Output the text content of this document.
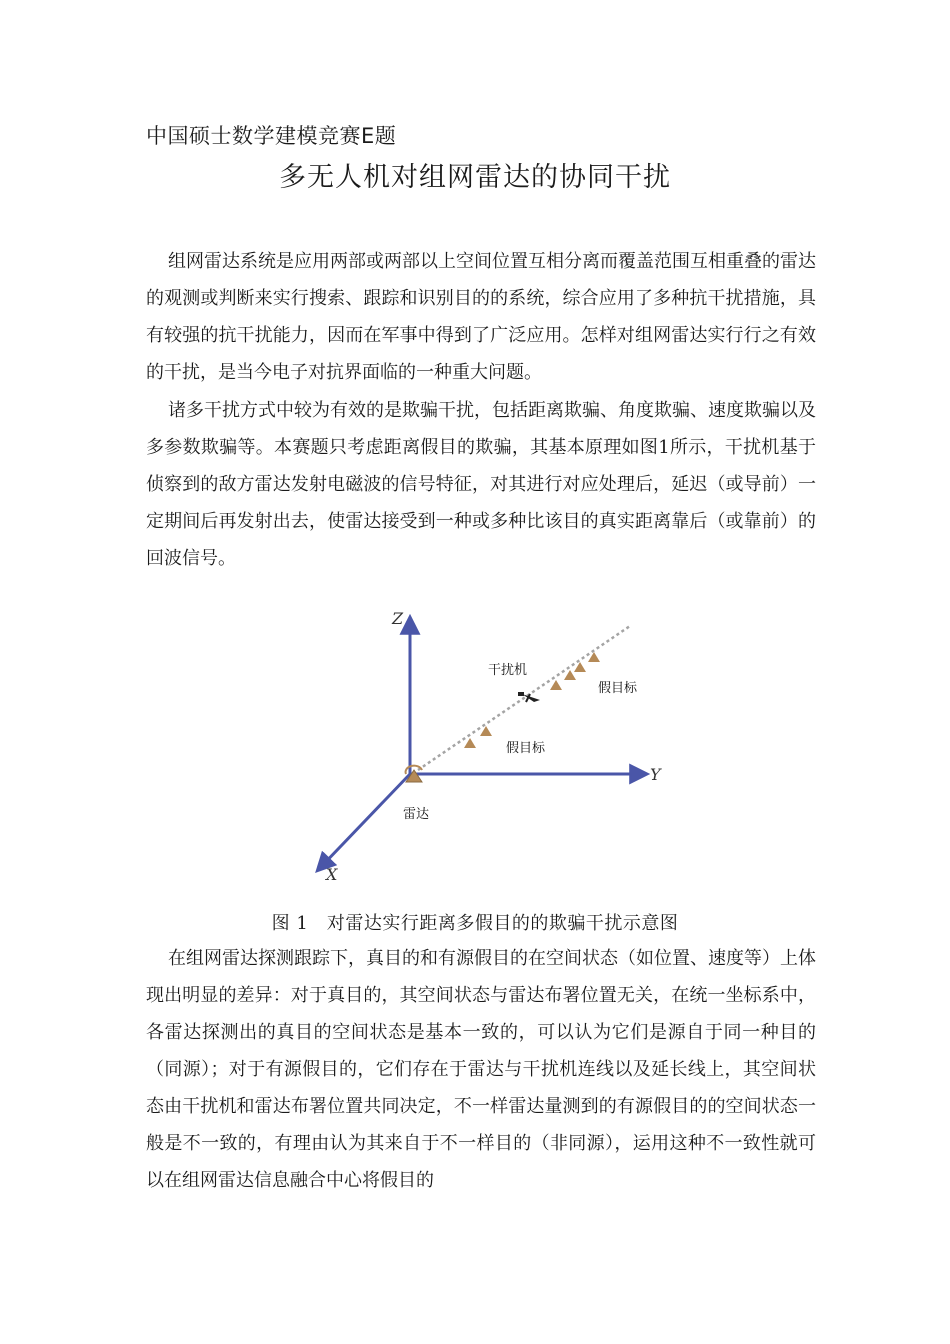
中国硕士数学建模竞赛E题
多无人机对组网雷达的协同干扰

组网雷达系统是应用两部或两部以上空间位置互相分离而覆盖范围互相重叠的雷达的观测或判断来实行搜索、跟踪和识别目的的系统，综合应用了多种抗干扰措施，具有较强的抗干扰能力，因而在军事中得到了广泛应用。怎样对组网雷达实行行之有效的干扰，是当今电子对抗界面临的一种重大问题。

诸多干扰方式中较为有效的是欺骗干扰，包括距离欺骗、角度欺骗、速度欺骗以及多参数欺骗等。本赛题只考虑距离假目的欺骗，其基本原理如图1所示，干扰机基于侦察到的敌方雷达发射电磁波的信号特征，对其进行对应处理后，延迟（或导前）一定期间后再发射出去，使雷达接受到一种或多种比该目的真实距离靠后（或靠前）的回波信号。

Z
Y
X
雷达
假目标
干扰机
假目标
图 1　对雷达实行距离多假目的的欺骗干扰示意图

在组网雷达探测跟踪下，真目的和有源假目的在空间状态（如位置、速度等）上体现出明显的差异：对于真目的，其空间状态与雷达布署位置无关，在统一坐标系中，各雷达探测出的真目的空间状态是基本一致的，可以认为它们是源自于同一种目的（同源）；对于有源假目的，它们存在于雷达与干扰机连线以及延长线上，其空间状态由干扰机和雷达布署位置共同决定，不一样雷达量测到的有源假目的的空间状态一般是不一致的，有理由认为其来自于不一样目的（非同源），运用这种不一致性就可以在组网雷达信息融合中心将假目的
